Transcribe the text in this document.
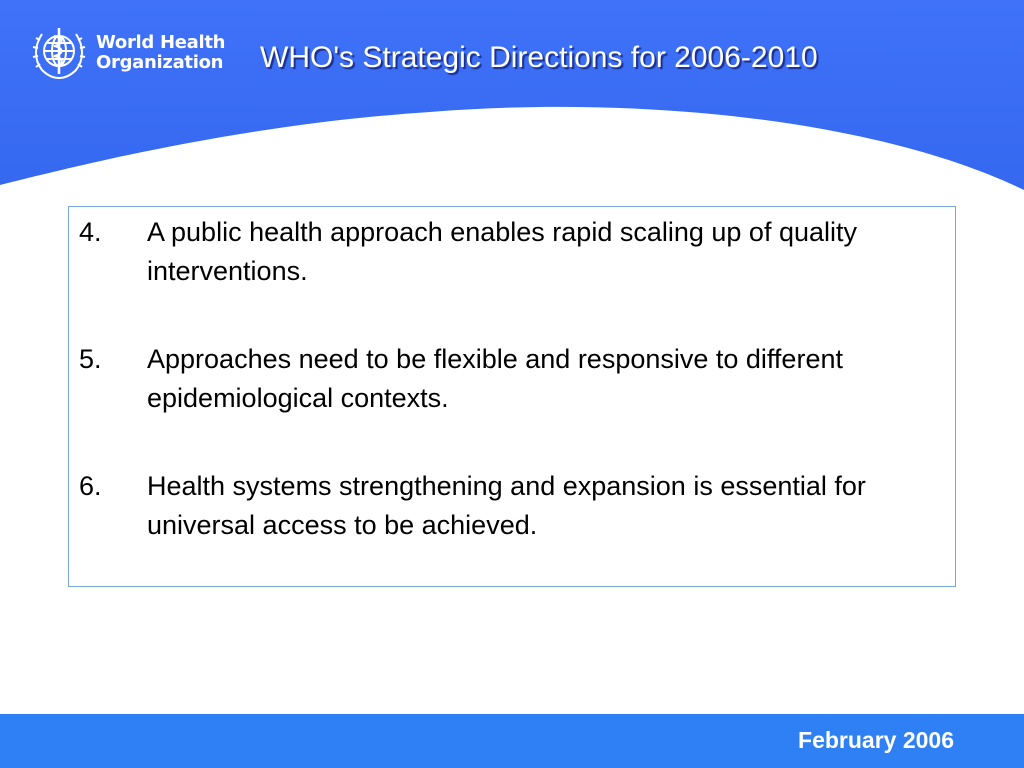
World Health
Organization WHO's Strategic Directions for 2006-2010
4.	A public health approach enables rapid scaling up of quality interventions.
5.	Approaches need to be flexible and responsive to different epidemiological contexts.
6.	Health systems strengthening and expansion is essential for universal access to be achieved.
February 2006
